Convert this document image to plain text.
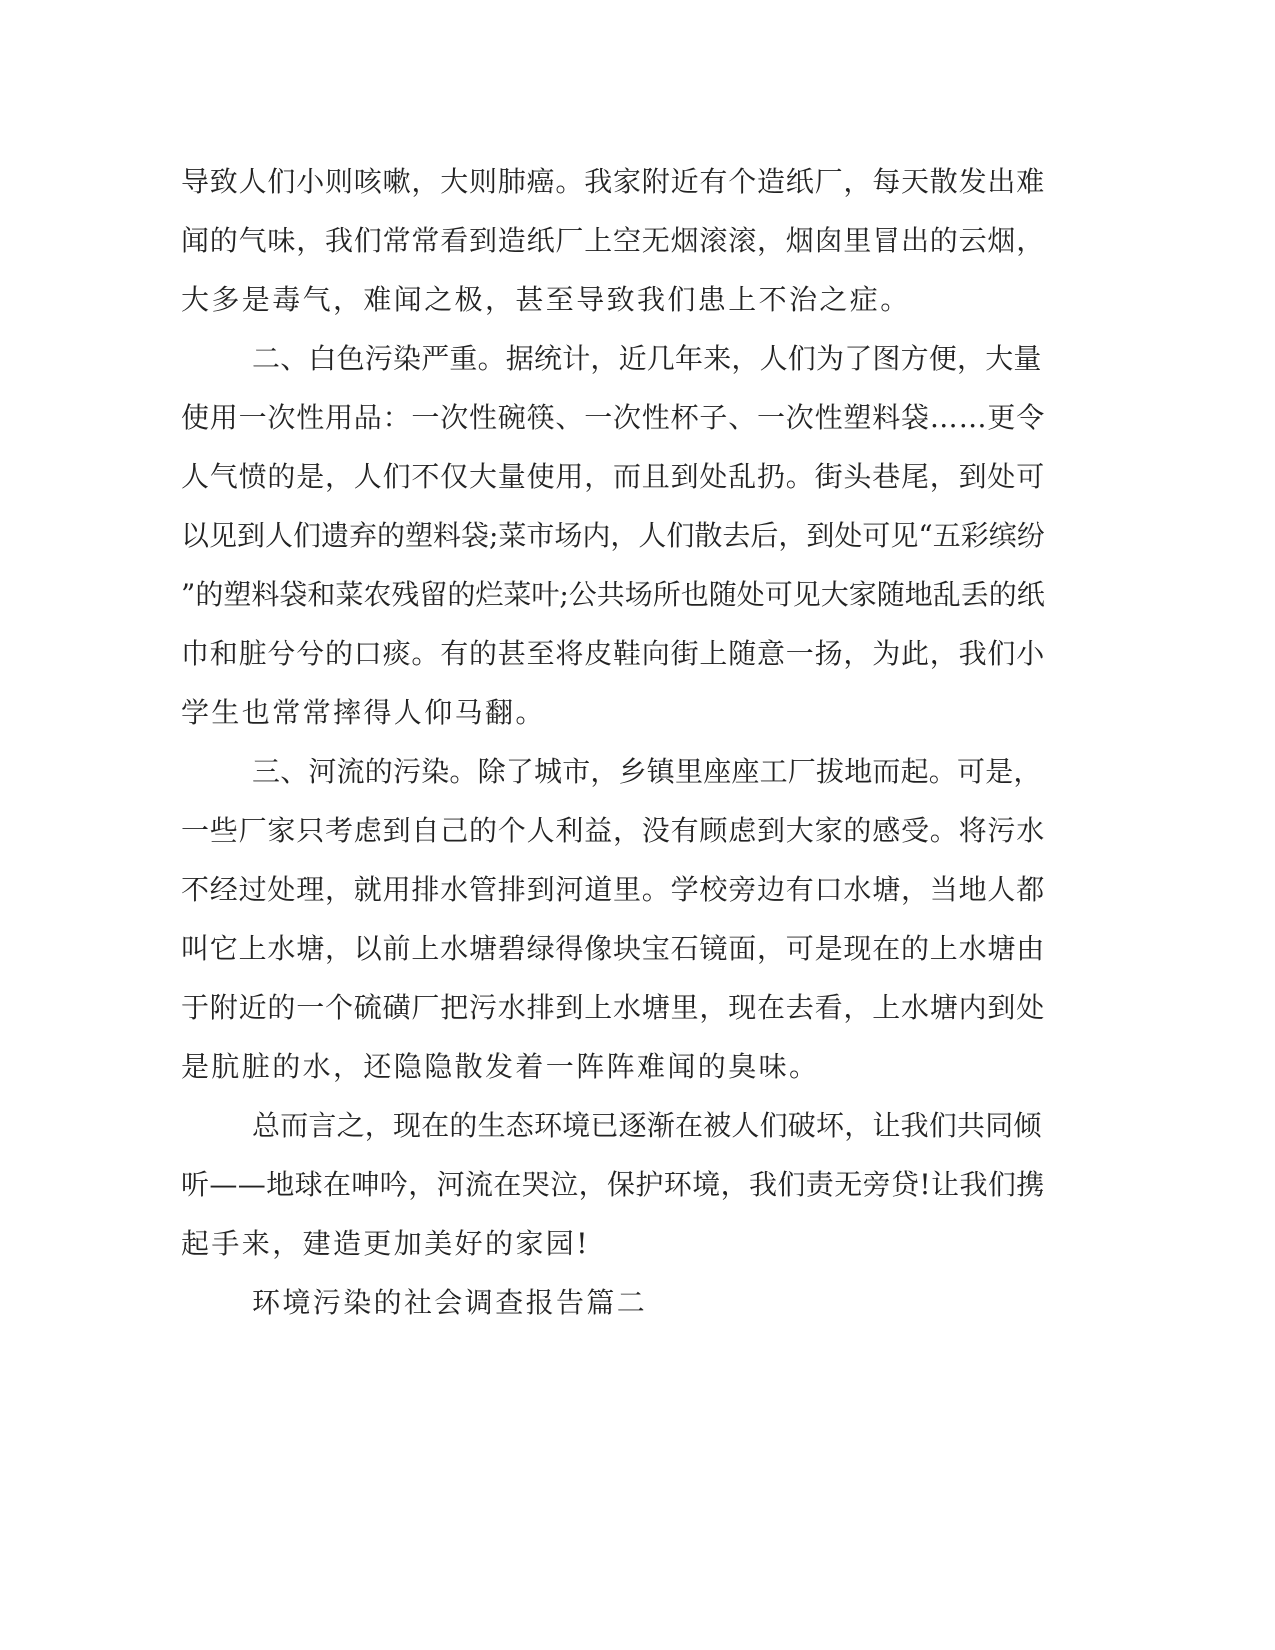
导致人们小则咳嗽，大则肺癌。我家附近有个造纸厂，每天散发出难
闻的气味，我们常常看到造纸厂上空无烟滚滚，烟囱里冒出的云烟，
大多是毒气，难闻之极，甚至导致我们患上不治之症。
二、白色污染严重。据统计，近几年来，人们为了图方便，大量
使用一次性用品：一次性碗筷、一次性杯子、一次性塑料袋……更令
人气愤的是，人们不仅大量使用，而且到处乱扔。街头巷尾，到处可
以见到人们遗弃的塑料袋;菜市场内，人们散去后，到处可见“五彩缤纷
”的塑料袋和菜农残留的烂菜叶;公共场所也随处可见大家随地乱丢的纸
巾和脏兮兮的口痰。有的甚至将皮鞋向街上随意一扬，为此，我们小
学生也常常摔得人仰马翻。
三、河流的污染。除了城市，乡镇里座座工厂拔地而起。可是，
一些厂家只考虑到自己的个人利益，没有顾虑到大家的感受。将污水
不经过处理，就用排水管排到河道里。学校旁边有口水塘，当地人都
叫它上水塘，以前上水塘碧绿得像块宝石镜面，可是现在的上水塘由
于附近的一个硫磺厂把污水排到上水塘里，现在去看，上水塘内到处
是肮脏的水，还隐隐散发着一阵阵难闻的臭味。
总而言之，现在的生态环境已逐渐在被人们破坏，让我们共同倾
听——地球在呻吟，河流在哭泣，保护环境，我们责无旁贷!让我们携
起手来，建造更加美好的家园!
环境污染的社会调查报告篇二
